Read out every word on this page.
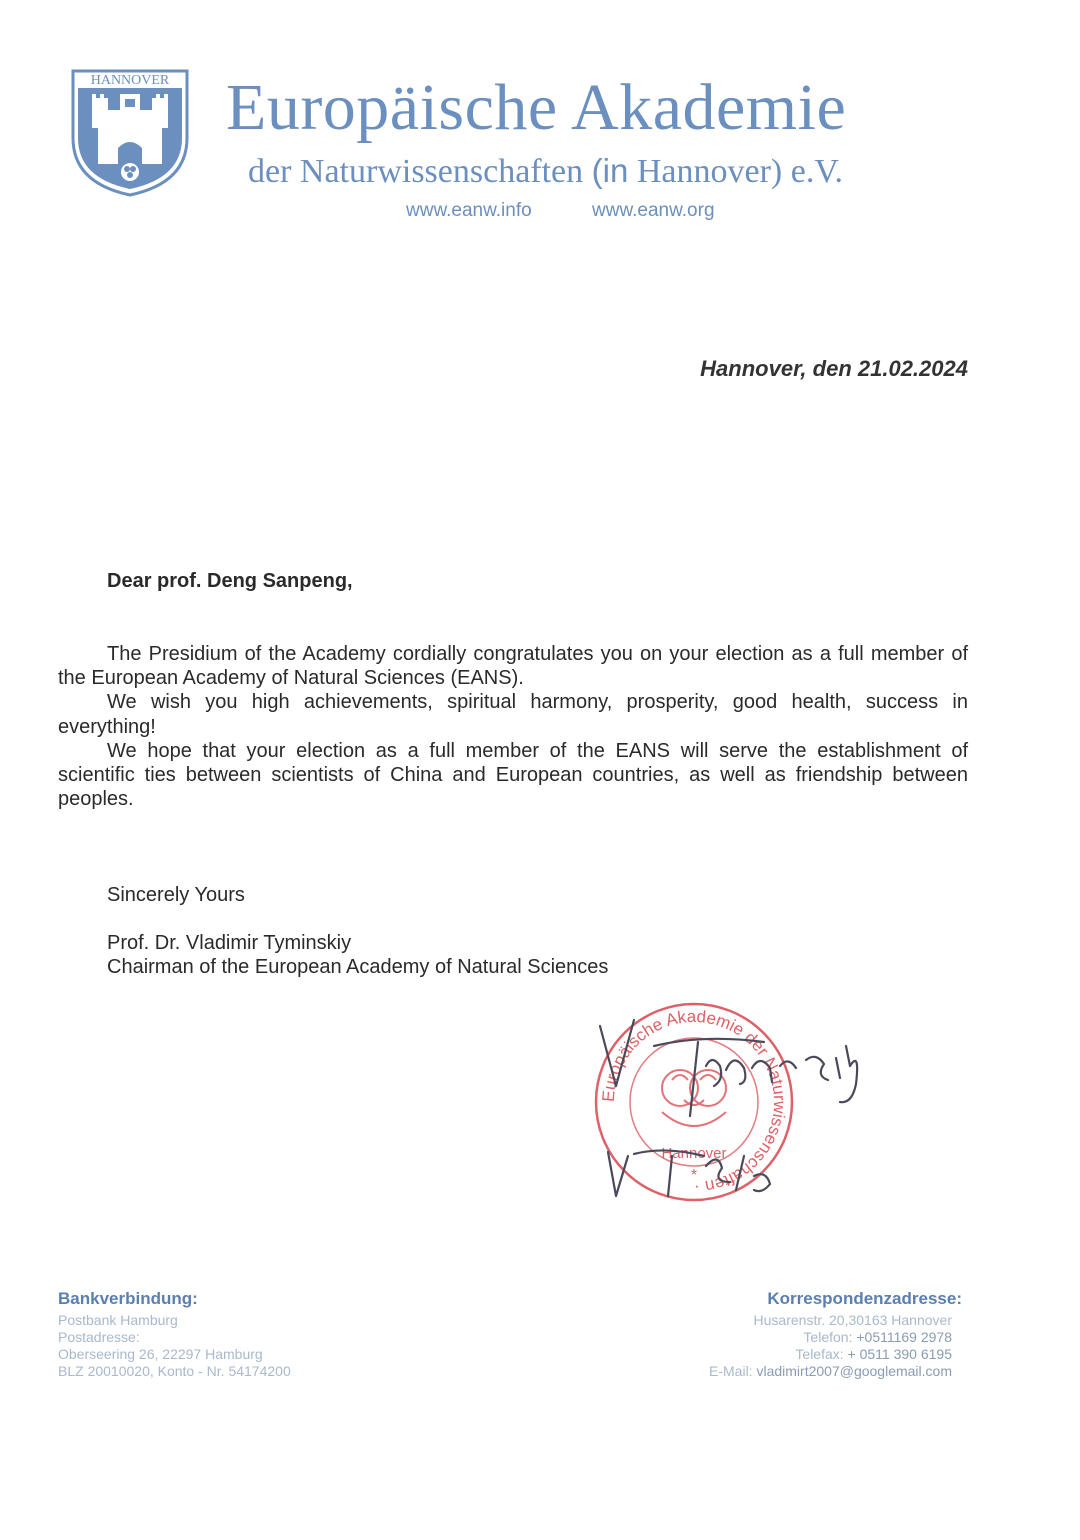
HANNOVER Europäische Akademie
der Naturwissenschaften (in Hannover) e.V.
www.eanw.info	www.eanw.org
Hannover, den 21.02.2024
Dear prof. Deng Sanpeng,

The Presidium of the Academy cordially congratulates you on your election as a full member of the European Academy of Natural Sciences (EANS).

We wish you high achievements, spiritual harmony, prosperity, good health, success in everything!

We hope that your election as a full member of the EANS will serve the establishment of scientific ties between scientists of China and European countries, as well as friendship between peoples.

Sincerely Yours
Prof. Dr. Vladimir Tyminskiy
Chairman of the European Academy of Natural Sciences
Europäische Akademie der Naturwissenschaften ·
Hannover
*
Bankverbindung:
Postbank Hamburg
Postadresse:
Oberseering 26, 22297 Hamburg
BLZ 20010020, Konto - Nr. 54174200
Korrespondenzadresse:
Husarenstr. 20,30163 Hannover
Telefon: +0511169 2978
Telefax: + 0511 390 6195
E-Mail: vladimirt2007@googlemail.com
